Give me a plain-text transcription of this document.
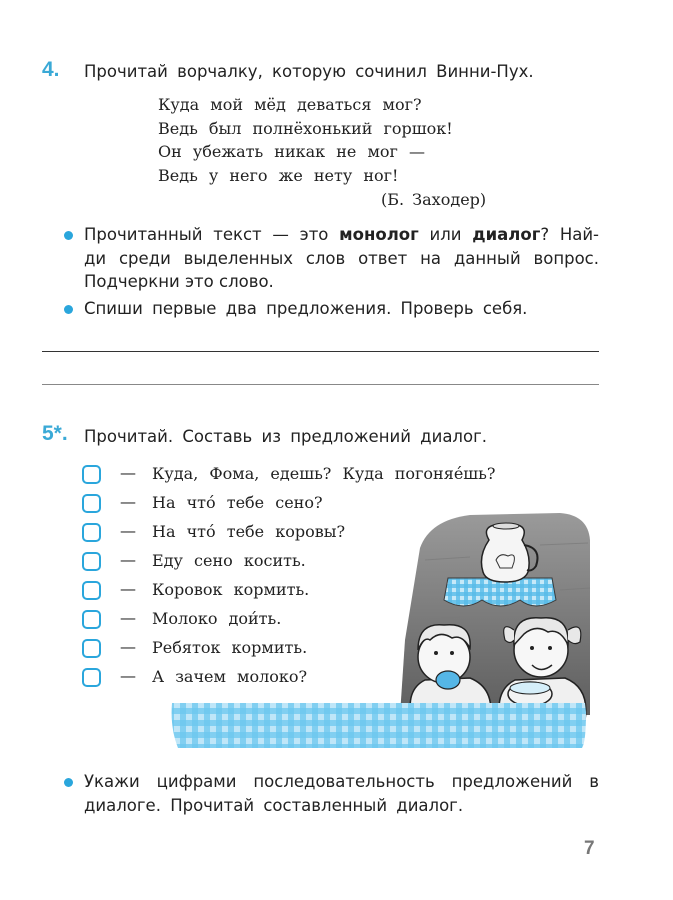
4. Прочитай ворчалку, которую сочинил Винни-Пух.
Куда мой мёд деваться мог?
Ведь был полнёхонький горшок!
Он убежать никак не мог —
Ведь у него же нету ног!
(Б. Заходер)
Прочитанный текст — это монолог или диалог? Най-
ди среди выделенных слов ответ на данный вопрос.
Подчеркни это слово.
Спиши первые два предложения. Проверь себя.
5*. Прочитай. Составь из предложений диалог.
— Куда, Фома, едешь? Куда погоняе́шь?
— На что́ тебе сено?
— На что́ тебе коровы?
— Еду сено косить.
— Коровок кормить.
— Молоко дои́ть.
— Ребяток кормить.
— А зачем молоко?
Укажи цифрами последовательность предложений в
диалоге. Прочитай составленный диалог.
7
